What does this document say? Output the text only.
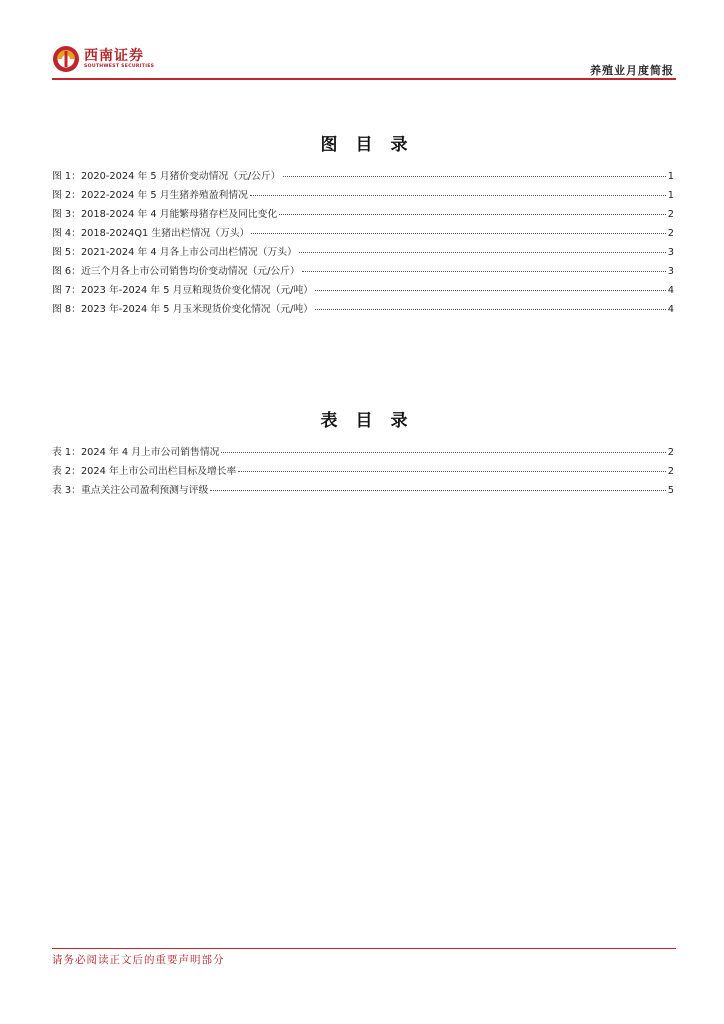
西南证券
SOUTHWEST SECURITIES	养殖业月度简报
图目录
图 1：2020-2024 年 5 月猪价变动情况（元/公斤）	1
图 2：2022-2024 年 5 月生猪养殖盈利情况	1
图 3：2018-2024 年 4 月能繁母猪存栏及同比变化	2
图 4：2018-2024Q1 生猪出栏情况（万头）	2
图 5：2021-2024 年 4 月各上市公司出栏情况（万头）	3
图 6：近三个月各上市公司销售均价变动情况（元/公斤）	3
图 7：2023 年-2024 年 5 月豆粕现货价变化情况（元/吨）	4
图 8：2023 年-2024 年 5 月玉米现货价变化情况（元/吨）	4
表目录
表 1：2024 年 4 月上市公司销售情况	2
表 2：2024 年上市公司出栏目标及增长率	2
表 3：重点关注公司盈利预测与评级	5
请务必阅读正文后的重要声明部分
